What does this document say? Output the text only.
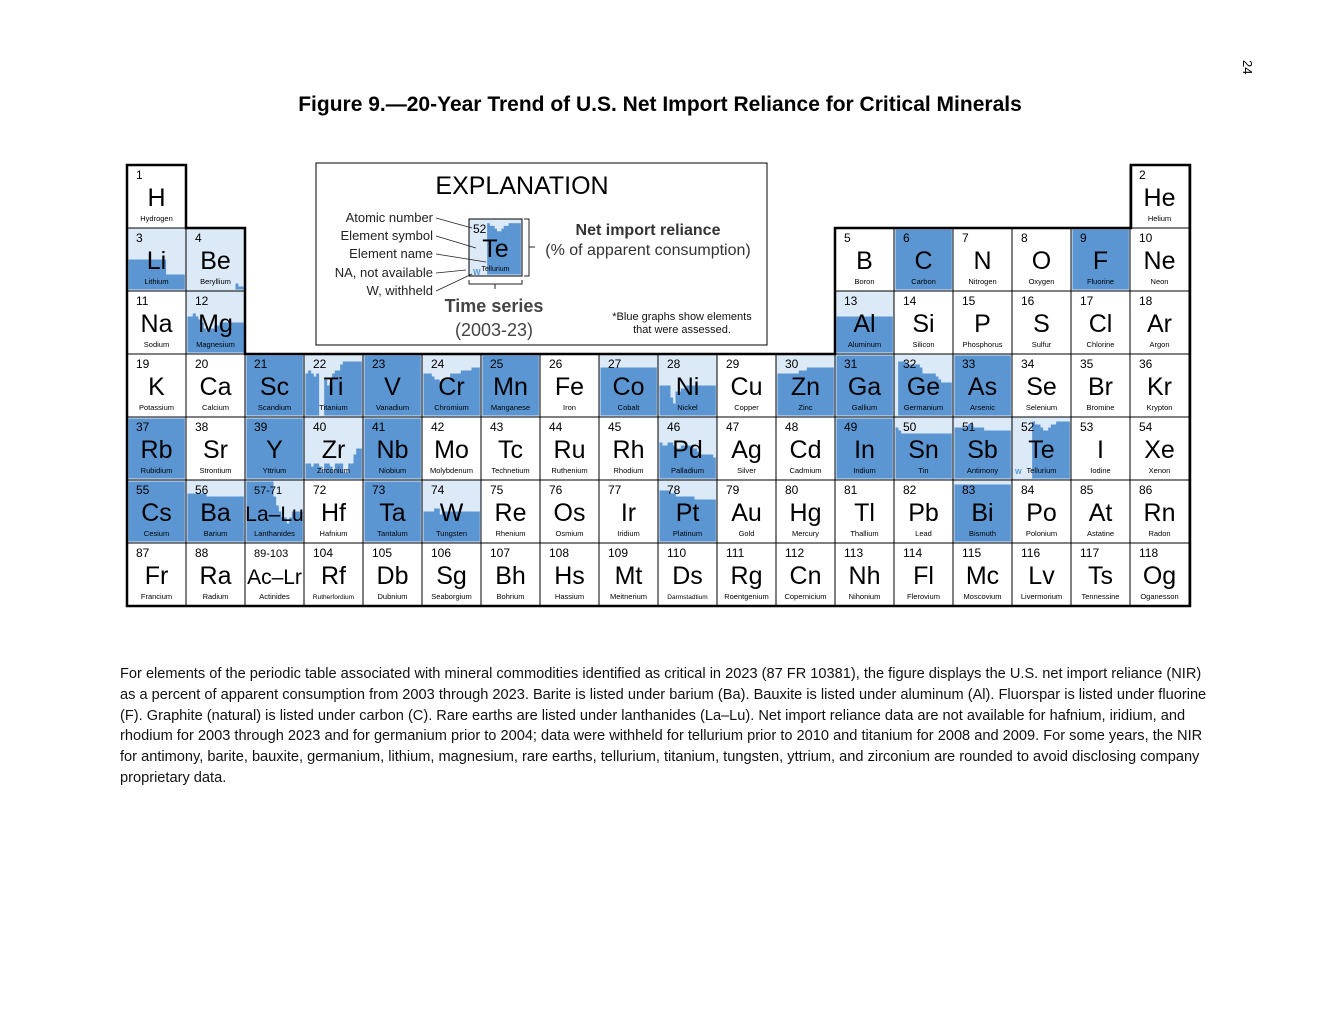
24
Figure 9.—20-Year Trend of U.S. Net Import Reliance for Critical Minerals
1
H
Hydrogen
2
He
Helium
3
Li
Lithium
4
Be
Beryllium
5
B
Boron
6
C
Carbon
7
N
Nitrogen
8
O
Oxygen
9
F
Fluorine
10
Ne
Neon
11
Na
Sodium
12
Mg
Magnesium
13
Al
Aluminum
14
Si
Silicon
15
P
Phosphorus
16
S
Sulfur
17
Cl
Chlorine
18
Ar
Argon
19
K
Potassium
20
Ca
Calcium
21
Sc
Scandium W
22
Ti
Titanium
23
V
Vanadium
24
Cr
Chromium
25
Mn
Manganese
26
Fe
Iron
27
Co
Cobalt
28
Ni
Nickel
29
Cu
Copper
30
Zn
Zinc
31
Ga
Gallium
32
Ge
Germanium
33
As
Arsenic
34
Se
Selenium
35
Br
Bromine
36
Kr
Krypton
37
Rb
Rubidium
38
Sr
Strontium
39
Y
Yttrium
40
Zr
Zirconium
41
Nb
Niobium
42
Mo
Molybdenum
43
Tc
Technetium
44
Ru
Ruthenium
45
Rh
Rhodium
46
Pd
Palladium
47
Ag
Silver
48
Cd
Cadmium
49
In
Indium
50
Sn
Tin
51
Sb
Antimony W
52
Te
Tellurium
53
I
Iodine
54
Xe
Xenon
55
Cs
Cesium
56
Ba
Barium
57-71
La–Lu
Lanthanides
72
Hf
Hafnium
73
Ta
Tantalum
74
W
Tungsten
75
Re
Rhenium
76
Os
Osmium
77
Ir
Iridium
78
Pt
Platinum
79
Au
Gold
80
Hg
Mercury
81
Tl
Thallium
82
Pb
Lead
83
Bi
Bismuth
84
Po
Polonium
85
At
Astatine
86
Rn
Radon
87
Fr
Francium
88
Ra
Radium
89-103
Ac–Lr
Actinides
104
Rf
Rutherfordium
105
Db
Dubnium
106
Sg
Seaborgium
107
Bh
Bohrium
108
Hs
Hassium
109
Mt
Meitnerium
110
Ds
Darmstadtium
111
Rg
Roentgenium
112
Cn
Copernicium
113
Nh
Nihonium
114
Fl
Flerovium
115
Mc
Moscovium
116
Lv
Livermorium
117
Ts
Tennessine
118
Og
Oganesson
EXPLANATION
Atomic number
Element symbol
Element name
NA, not available
W, withheld
52
Te
Tellurium
W
Net import reliance
(% of apparent consumption)
Time series
(2003-23)
*Blue graphs show elements
that were assessed.
For elements of the periodic table associated with mineral commodities identified as critical in 2023 (87 FR 10381), the figure displays the U.S. net import reliance (NIR) as a percent of apparent consumption from 2003 through 2023. Barite is listed under barium (Ba). Bauxite is listed under aluminum (Al). Fluorspar is listed under fluorine (F). Graphite (natural) is listed under carbon (C). Rare earths are listed under lanthanides (La–Lu). Net import reliance data are not available for hafnium, iridium, and rhodium for 2003 through 2023 and for germanium prior to 2004; data were withheld for tellurium prior to 2010 and titanium for 2008 and 2009. For some years, the NIR for antimony, barite, bauxite, germanium, lithium, magnesium, rare earths, tellurium, titanium, tungsten, yttrium, and zirconium are rounded to avoid disclosing company proprietary data.
